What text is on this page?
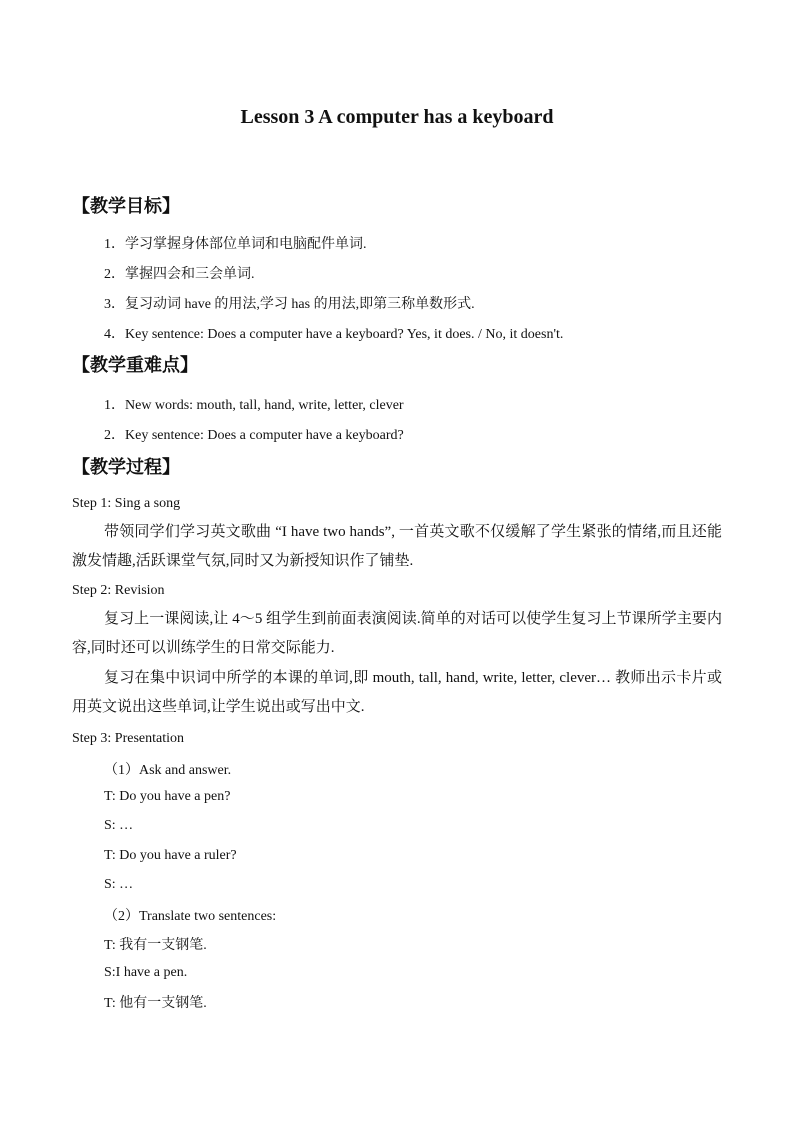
Lesson 3 A computer has a keyboard
【教学目标】
1．学习掌握身体部位单词和电脑配件单词.
2．掌握四会和三会单词.
3．复习动词 have 的用法,学习 has 的用法,即第三称单数形式.
4．Key sentence: Does a computer have a keyboard? Yes, it does. / No, it doesn't.
【教学重难点】
1．New words: mouth, tall, hand, write, letter, clever
2．Key sentence: Does a computer have a keyboard?
【教学过程】
Step 1: Sing a song
带领同学们学习英文歌曲 “I have two hands”, 一首英文歌不仅缓解了学生紧张的情绪,而且还能激发情趣,活跃课堂气氛,同时又为新授知识作了铺垫.
Step 2: Revision
复习上一课阅读,让 4～5 组学生到前面表演阅读.简单的对话可以使学生复习上节课所学主要内容,同时还可以训练学生的日常交际能力.
复习在集中识词中所学的本课的单词,即 mouth, tall, hand, write, letter, clever… 教师出示卡片或用英文说出这些单词,让学生说出或写出中文.
Step 3: Presentation
（1）Ask and answer.
T: Do you have a pen?
S: …
T: Do you have a ruler?
S: …
（2）Translate two sentences:
T: 我有一支钢笔.
S:I have a pen.
T: 他有一支钢笔.
